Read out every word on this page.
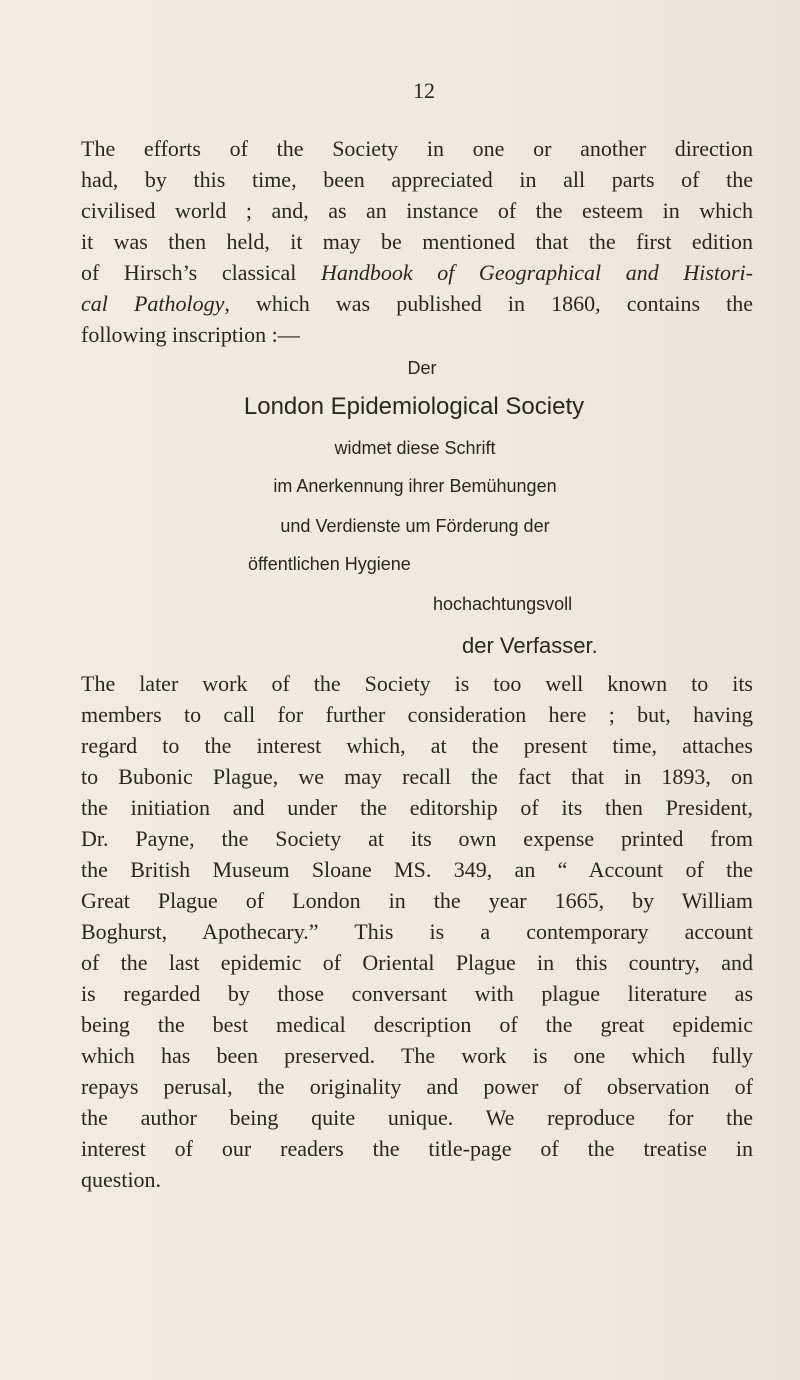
12
The efforts of the Society in one or another direction
had, by this time, been appreciated in all parts of the
civilised world ; and, as an instance of the esteem in which
it was then held, it may be mentioned that the first edition
of Hirsch’s classical Handbook of Geographical and Histori-
cal Pathology, which was published in 1860, contains the
following inscription :—
Der
London Epidemiological Society
widmet diese Schrift
im Anerkennung ihrer Bemühungen
und Verdienste um Förderung der
öffentlichen Hygiene
hochachtungsvoll
der Verfasser.
The later work of the Society is too well known to its
members to call for further consideration here ; but, having
regard to the interest which, at the present time, attaches
to Bubonic Plague, we may recall the fact that in 1893, on
the initiation and under the editorship of its then President,
Dr. Payne, the Society at its own expense printed from
the British Museum Sloane MS. 349, an “ Account of the
Great Plague of London in the year 1665, by William
Boghurst, Apothecary.” This is a contemporary account
of the last epidemic of Oriental Plague in this country, and
is regarded by those conversant with plague literature as
being the best medical description of the great epidemic
which has been preserved. The work is one which fully
repays perusal, the originality and power of observation of
the author being quite unique. We reproduce for the
interest of our readers the title-page of the treatise in
question.
